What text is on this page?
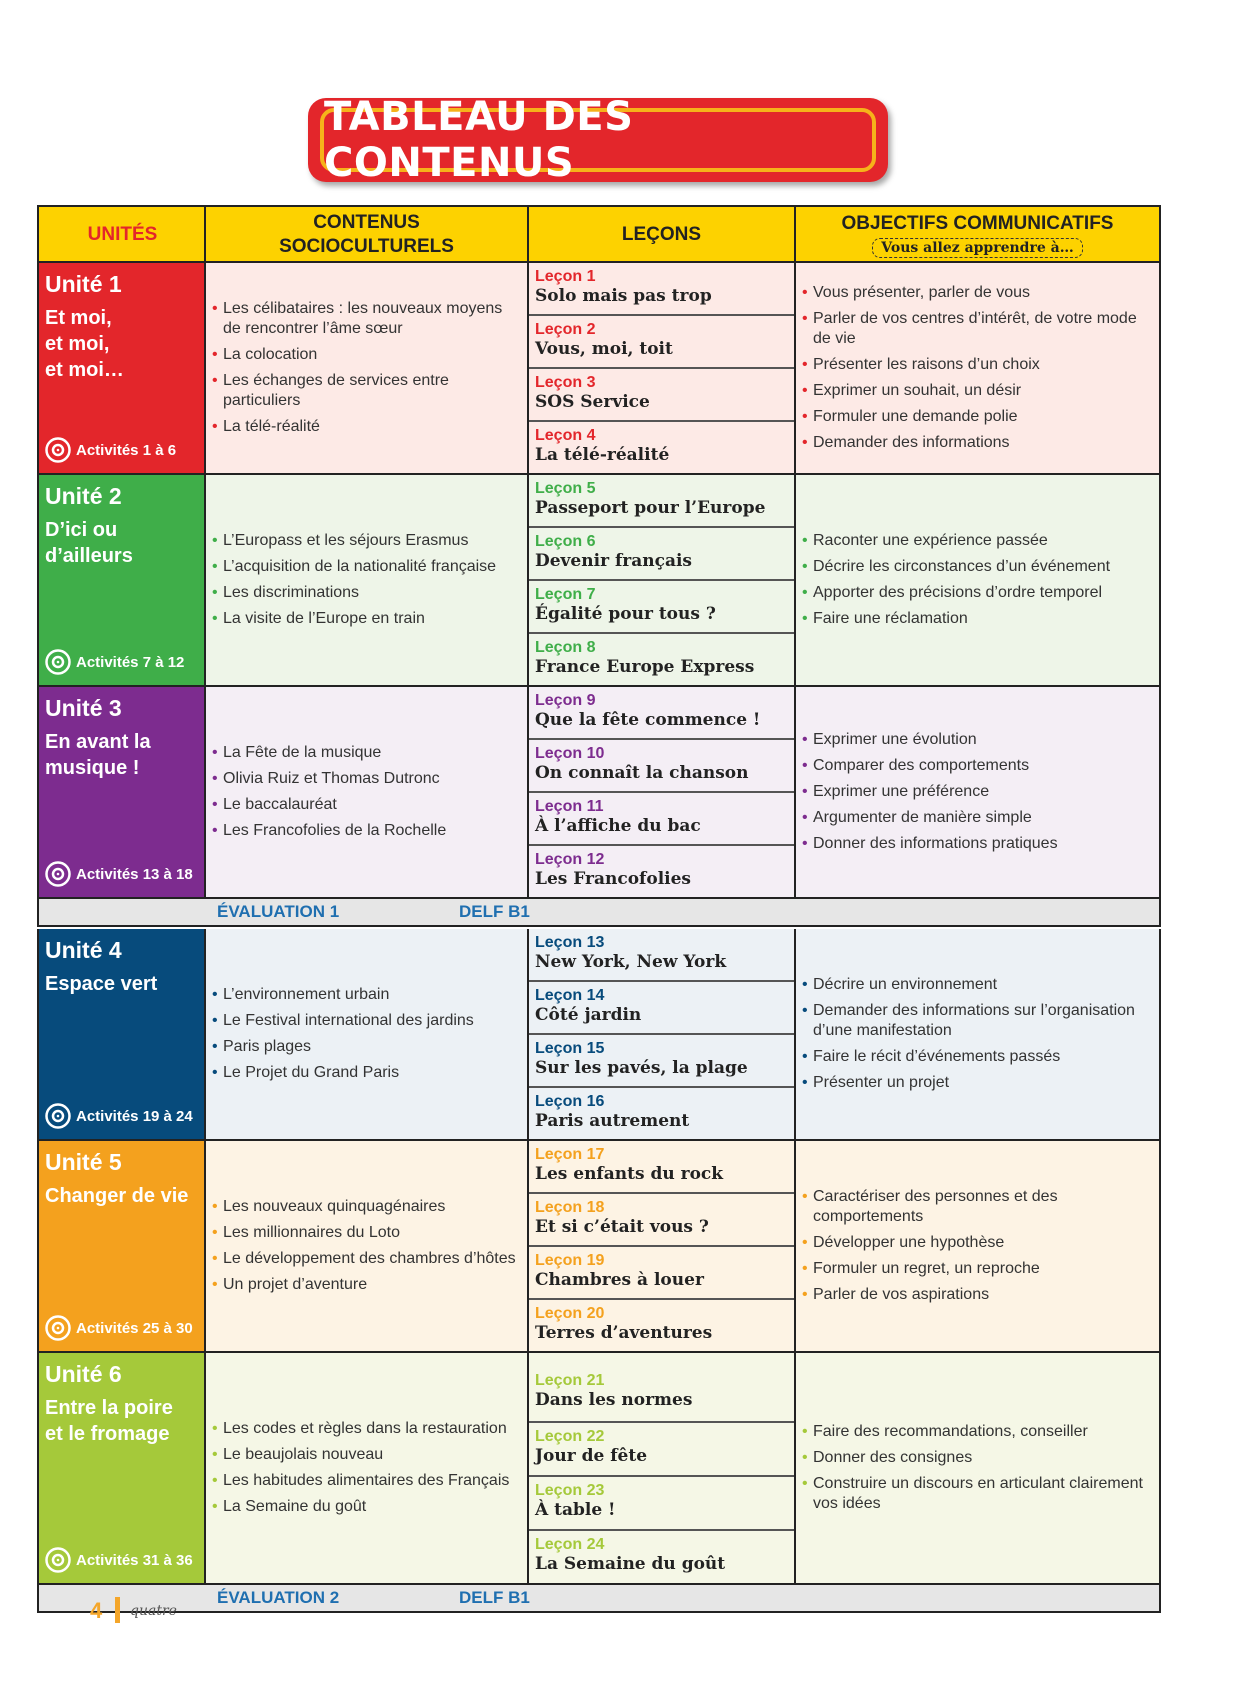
TABLEAU DES CONTENUS
UNITÉS
CONTENUS SOCIOCULTURELS
LEÇONS
OBJECTIFS COMMUNICATIFS
Vous allez apprendre à…
Unité 1
Et moi,
et moi,
et moi…
Activités 1 à 6
• Les célibataires : les nouveaux moyens de rencontrer l’âme sœur
• La colocation
• Les échanges de services entre particuliers
• La télé-réalité
Leçon 1
Solo mais pas trop
Leçon 2
Vous, moi, toit
Leçon 3
SOS Service
Leçon 4
La télé-réalité
• Vous présenter, parler de vous
• Parler de vos centres d’intérêt, de votre mode de vie
• Présenter les raisons d’un choix
• Exprimer un souhait, un désir
• Formuler une demande polie
• Demander des informations
Unité 2
D’ici ou
d’ailleurs
Activités 7 à 12
• L’Europass et les séjours Erasmus
• L’acquisition de la nationalité française
• Les discriminations
• La visite de l’Europe en train
Leçon 5
Passeport pour l’Europe
Leçon 6
Devenir français
Leçon 7
Égalité pour tous ?
Leçon 8
France Europe Express
• Raconter une expérience passée
• Décrire les circonstances d’un événement
• Apporter des précisions d’ordre temporel
• Faire une réclamation
Unité 3
En avant la
musique !
Activités 13 à 18
• La Fête de la musique
• Olivia Ruiz et Thomas Dutronc
• Le baccalauréat
• Les Francofolies de la Rochelle
Leçon 9
Que la fête commence !
Leçon 10
On connaît la chanson
Leçon 11
À l’affiche du bac
Leçon 12
Les Francofolies
• Exprimer une évolution
• Comparer des comportements
• Exprimer une préférence
• Argumenter de manière simple
• Donner des informations pratiques
ÉVALUATION 1	DELF B1
Unité 4
Espace vert
Activités 19 à 24
• L’environnement urbain
• Le Festival international des jardins
• Paris plages
• Le Projet du Grand Paris
Leçon 13
New York, New York
Leçon 14
Côté jardin
Leçon 15
Sur les pavés, la plage
Leçon 16
Paris autrement
• Décrire un environnement
• Demander des informations sur l’organisation d’une manifestation
• Faire le récit d’événements passés
• Présenter un projet
Unité 5
Changer de vie
Activités 25 à 30
• Les nouveaux quinquagénaires
• Les millionnaires du Loto
• Le développement des chambres d’hôtes
• Un projet d’aventure
Leçon 17
Les enfants du rock
Leçon 18
Et si c’était vous ?
Leçon 19
Chambres à louer
Leçon 20
Terres d’aventures
• Caractériser des personnes et des comportements
• Développer une hypothèse
• Formuler un regret, un reproche
• Parler de vos aspirations
Unité 6
Entre la poire
et le fromage
Activités 31 à 36
• Les codes et règles dans la restauration
• Le beaujolais nouveau
• Les habitudes alimentaires des Français
• La Semaine du goût
Leçon 21
Dans les normes
Leçon 22
Jour de fête
Leçon 23
À table !
Leçon 24
La Semaine du goût
• Faire des recommandations, conseiller
• Donner des consignes
• Construire un discours en articulant clairement vos idées
ÉVALUATION 2	DELF B1
4 quatre
